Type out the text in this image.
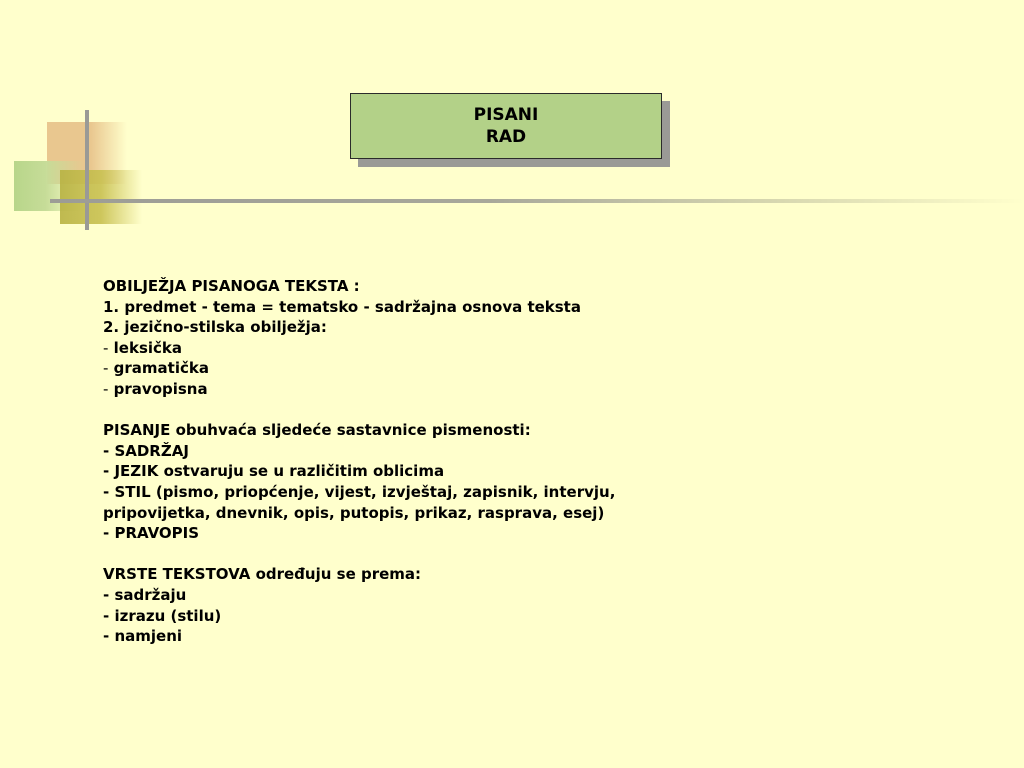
PISANI
RAD
OBILJEŽJA PISANOGA TEKSTA :
1. predmet - tema = tematsko - sadržajna osnova teksta
2. jezično-stilska obilježja:
- leksička
- gramatička
- pravopisna
PISANJE obuhvaća sljedeće sastavnice pismenosti:
- SADRŽAJ
- JEZIK ostvaruju se u različitim oblicima
- STIL (pismo, priopćenje, vijest, izvještaj, zapisnik, intervju,
pripovijetka, dnevnik, opis, putopis, prikaz, rasprava, esej)
- PRAVOPIS
VRSTE TEKSTOVA određuju se prema:
- sadržaju
- izrazu (stilu)
- namjeni
